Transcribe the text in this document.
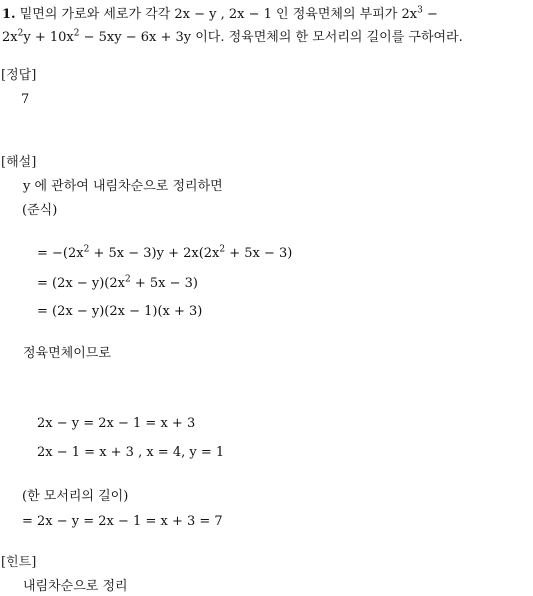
1. 밑면의 가로와 세로가 각각 2x − y , 2x − 1 인 정육면체의 부피가 $2x^3$ −
$2x^2y + 10x^2 - 5xy - 6x + 3y$ 이다. 정육면체의 한 모서리의 길이를 구하여라.
[정답]
7
[해설]
y 에 관하여 내림차순으로 정리하면
(준식)
= $-(2x^2 + 5x - 3)y + 2x(2x^2 + 5x - 3)$
= $(2x - y)(2x^2 + 5x - 3)$
= (2x − y)(2x − 1)(x + 3)
정육면체이므로
2x − y = 2x − 1 = x + 3
2x − 1 = x + 3 , x = 4, y = 1
(한 모서리의 길이)
= 2x − y = 2x − 1 = x + 3 = 7
[힌트]
내림차순으로 정리
